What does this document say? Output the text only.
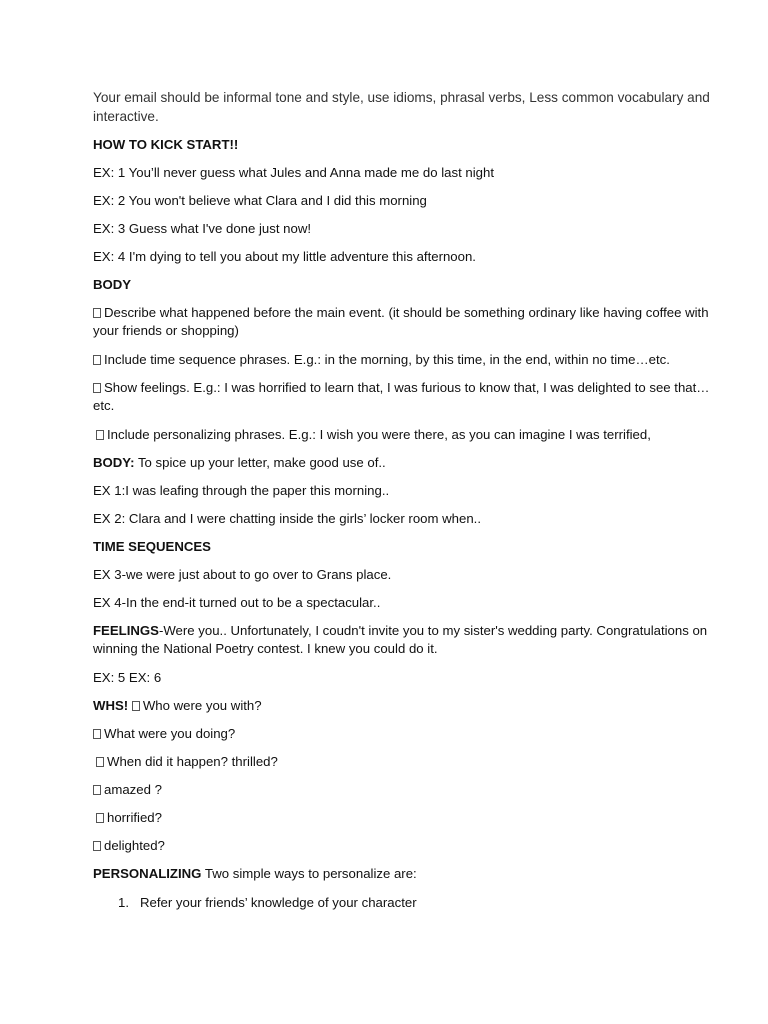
Your email should be informal tone and style, use idioms, phrasal verbs, Less common vocabulary and interactive.
HOW TO KICK START!!
EX: 1 You’ll never guess what Jules and Anna made me do last night
EX: 2 You won't believe what Clara and I did this morning
EX: 3 Guess what I've done just now!
EX: 4 I'm dying to tell you about my little adventure this afternoon.
BODY
Describe what happened before the main event. (it should be something ordinary like having coffee with your friends or shopping)
Include time sequence phrases. E.g.: in the morning, by this time, in the end, within no time…etc.
Show feelings. E.g.: I was horrified to learn that, I was furious to know that, I was delighted to see that…etc.
Include personalizing phrases. E.g.: I wish you were there, as you can imagine I was terrified,
BODY: To spice up your letter, make good use of..
EX 1:I was leafing through the paper this morning..
EX 2: Clara and I were chatting inside the girls’ locker room when..
TIME SEQUENCES
EX 3-we were just about to go over to Grans place.
EX 4-In the end-it turned out to be a spectacular..
FEELINGS-Were you.. Unfortunately, I coudn't invite you to my sister's wedding party. Congratulations on winning the National Poetry contest. I knew you could do it.
EX: 5 EX: 6
WHS! Who were you with?
What were you doing?
When did it happen? thrilled?
amazed ?
horrified?
delighted?
PERSONALIZING Two simple ways to personalize are:
1. Refer your friends’ knowledge of your character
